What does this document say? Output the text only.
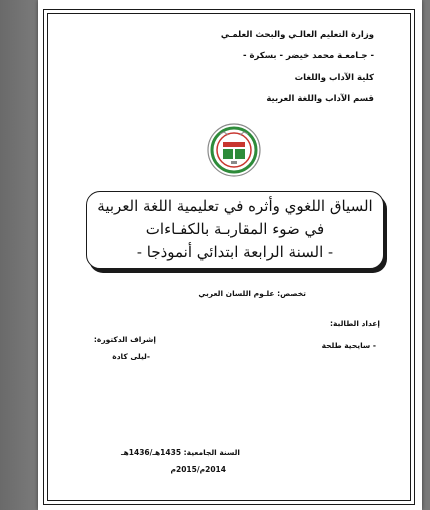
وزارة التعليم العالـي والبحث العلمـي
- جـامعـة محمد خيضر - بسكرة -
كلية الآداب واللغات
قسم الآداب واللغة العربية
السياق اللغوي وأثره في تعليمية اللغة العربية
في ضوء المقاربـة بالكفـاءات
- السنة الرابعة ابتدائي أنموذجا -
تخصص: علـوم اللسان العربي
إعداد الطالبة:
- سايحية طلحة
إشراف الدكتورة:
-ليلى كادة
السنة الجامعية: 1435هـ/1436هـ
2014م/2015م
